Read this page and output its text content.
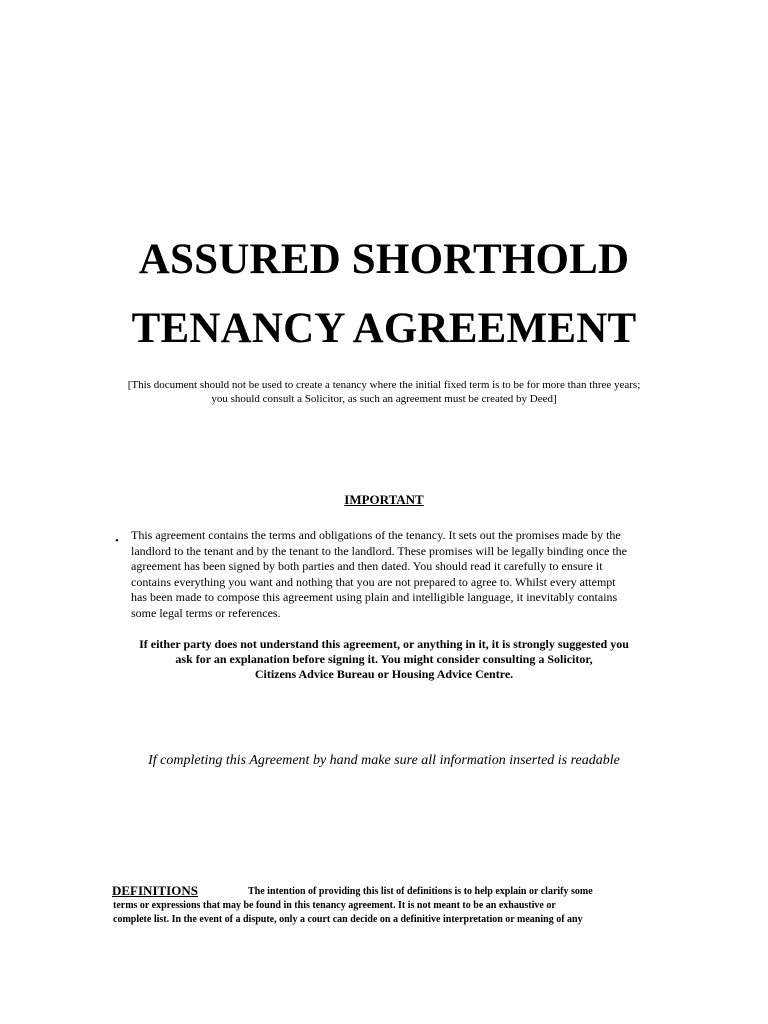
ASSURED SHORTHOLD
TENANCY AGREEMENT
[This document should not be used to create a tenancy where the initial fixed term is to be for more than three years;
you should consult a Solicitor, as such an agreement must be created by Deed]
IMPORTANT
• This agreement contains the terms and obligations of the tenancy. It sets out the promises made by the
landlord to the tenant and by the tenant to the landlord. These promises will be legally binding once the
agreement has been signed by both parties and then dated. You should read it carefully to ensure it
contains everything you want and nothing that you are not prepared to agree to. Whilst every attempt
has been made to compose this agreement using plain and intelligible language, it inevitably contains
some legal terms or references.
If either party does not understand this agreement, or anything in it, it is strongly suggested you
ask for an explanation before signing it. You might consider consulting a Solicitor,
Citizens Advice Bureau or Housing Advice Centre.
If completing this Agreement by hand make sure all information inserted is readable
DEFINITIONS	The intention of providing this list of definitions is to help explain or clarify some
terms or expressions that may be found in this tenancy agreement. It is not meant to be an exhaustive or
complete list. In the event of a dispute, only a court can decide on a definitive interpretation or meaning of any
